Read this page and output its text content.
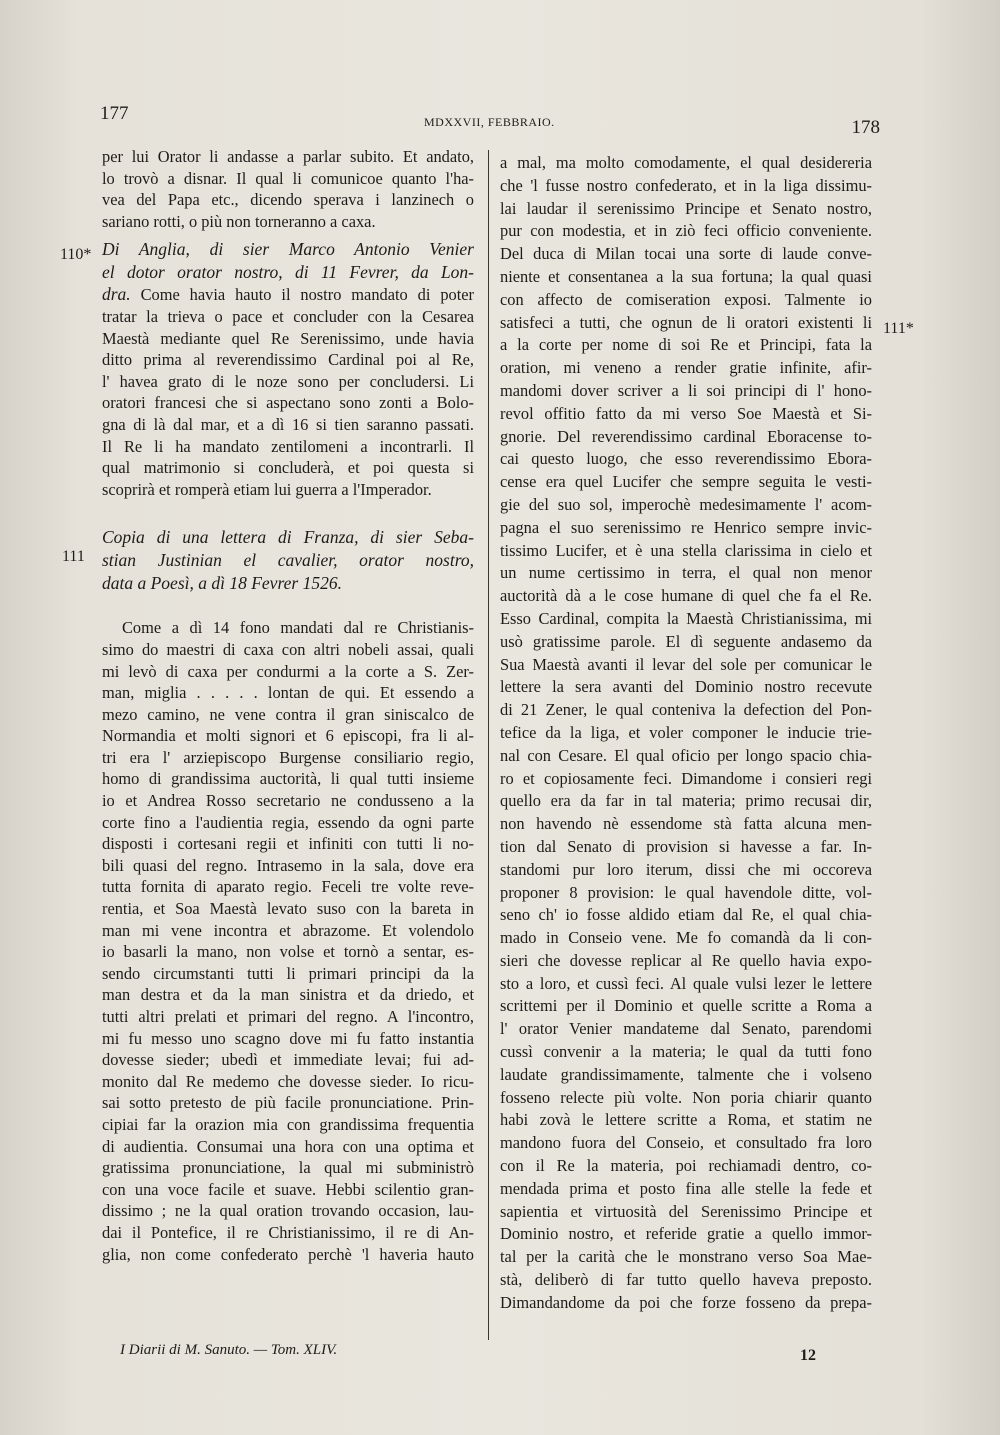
177	MDXXVII, FEBBRAIO.	178
110*
111
111*
per lui Orator li andasse a parlar subito. Et andato,
lo trovò a disnar. Il qual li comunicoe quanto l'ha-
vea del Papa etc., dicendo sperava i lanzinech o
sariano rotti, o più non torneranno a caxa.
Di Anglia, di sier Marco Antonio Venier
el dotor orator nostro, di 11 Fevrer, da Lon-
dra. Come havia hauto il nostro mandato di poter
tratar la trieva o pace et concluder con la Cesarea
Maestà mediante quel Re Serenissimo, unde havia
ditto prima al reverendissimo Cardinal poi al Re,
l' havea grato di le noze sono per concludersi. Li
oratori francesi che si aspectano sono zonti a Bolo-
gna di là dal mar, et a dì 16 si tien saranno passati.
Il Re li ha mandato zentilomeni a incontrarli. Il
qual matrimonio si concluderà, et poi questa si
scoprirà et romperà etiam lui guerra a l'Imperador.
Copia di una lettera di Franza, di sier Seba-
stian Justinian el cavalier, orator nostro,
data a Poesì, a dì 18 Fevrer 1526.
Come a dì 14 fono mandati dal re Christianis-
simo do maestri di caxa con altri nobeli assai, quali
mi levò di caxa per condurmi a la corte a S. Zer-
man, miglia . . . . . lontan de qui. Et essendo a
mezo camino, ne vene contra il gran siniscalco de
Normandia et molti signori et 6 episcopi, fra li al-
tri era l' arziepiscopo Burgense consiliario regio,
homo di grandissima auctorità, li qual tutti insieme
io et Andrea Rosso secretario ne condusseno a la
corte fino a l'audientia regia, essendo da ogni parte
disposti i cortesani regii et infiniti con tutti li no-
bili quasi del regno. Intrasemo in la sala, dove era
tutta fornita di aparato regio. Feceli tre volte reve-
rentia, et Soa Maestà levato suso con la bareta in
man mi vene incontra et abrazome. Et volendolo
io basarli la mano, non volse et tornò a sentar, es-
sendo circumstanti tutti li primari principi da la
man destra et da la man sinistra et da driedo, et
tutti altri prelati et primari del regno. A l'incontro,
mi fu messo uno scagno dove mi fu fatto instantia
dovesse sieder; ubedì et immediate levai; fui ad-
monito dal Re medemo che dovesse sieder. Io ricu-
sai sotto pretesto de più facile pronunciatione. Prin-
cipiai far la orazion mia con grandissima frequentia
di audientia. Consumai una hora con una optima et
gratissima pronunciatione, la qual mi subministrò
con una voce facile et suave. Hebbi scilentio gran-
dissimo ; ne la qual oration trovando occasion, lau-
dai il Pontefice, il re Christianissimo, il re di An-
glia, non come confederato perchè 'l haveria hauto
a mal, ma molto comodamente, el qual desidereria
che 'l fusse nostro confederato, et in la liga dissimu-
lai laudar il serenissimo Principe et Senato nostro,
pur con modestia, et in ziò feci officio conveniente.
Del duca di Milan tocai una sorte di laude conve-
niente et consentanea a la sua fortuna; la qual quasi
con affecto de comiseration exposi. Talmente io
satisfeci a tutti, che ognun de li oratori existenti li
a la corte per nome di soi Re et Principi, fata la
oration, mi veneno a render gratie infinite, afir-
mandomi dover scriver a li soi principi di l' hono-
revol offitio fatto da mi verso Soe Maestà et Si-
gnorie. Del reverendissimo cardinal Eboracense to-
cai questo luogo, che esso reverendissimo Ebora-
cense era quel Lucifer che sempre seguita le vesti-
gie del suo sol, imperochè medesimamente l' acom-
pagna el suo serenissimo re Henrico sempre invic-
tissimo Lucifer, et è una stella clarissima in cielo et
un nume certissimo in terra, el qual non menor
auctorità dà a le cose humane di quel che fa el Re.
Esso Cardinal, compita la Maestà Christianissima, mi
usò gratissime parole. El dì seguente andasemo da
Sua Maestà avanti il levar del sole per comunicar le
lettere la sera avanti del Dominio nostro recevute
di 21 Zener, le qual conteniva la defection del Pon-
tefice da la liga, et voler componer le inducie trie-
nal con Cesare. El qual oficio per longo spacio chia-
ro et copiosamente feci. Dimandome i consieri regi
quello era da far in tal materia; primo recusai dir,
non havendo nè essendome stà fatta alcuna men-
tion dal Senato di provision si havesse a far. In-
standomi pur loro iterum, dissi che mi occoreva
proponer 8 provision: le qual havendole ditte, vol-
seno ch' io fosse aldido etiam dal Re, el qual chia-
mado in Conseio vene. Me fo comandà da li con-
sieri che dovesse replicar al Re quello havia expo-
sto a loro, et cussì feci. Al quale vulsi lezer le lettere
scrittemi per il Dominio et quelle scritte a Roma a
l' orator Venier mandateme dal Senato, parendomi
cussì convenir a la materia; le qual da tutti fono
laudate grandissimamente, talmente che i volseno
fosseno relecte più volte. Non poria chiarir quanto
habi zovà le lettere scritte a Roma, et statim ne
mandono fuora del Conseio, et consultado fra loro
con il Re la materia, poi rechiamadi dentro, co-
mendada prima et posto fina alle stelle la fede et
sapientia et virtuosità del Serenissimo Principe et
Dominio nostro, et referide gratie a quello immor-
tal per la carità che le monstrano verso Soa Mae-
stà, deliberò di far tutto quello haveva preposto.
Dimandandome da poi che forze fosseno da prepa-
I Diarii di M. Sanuto. — Tom. XLIV.	12
